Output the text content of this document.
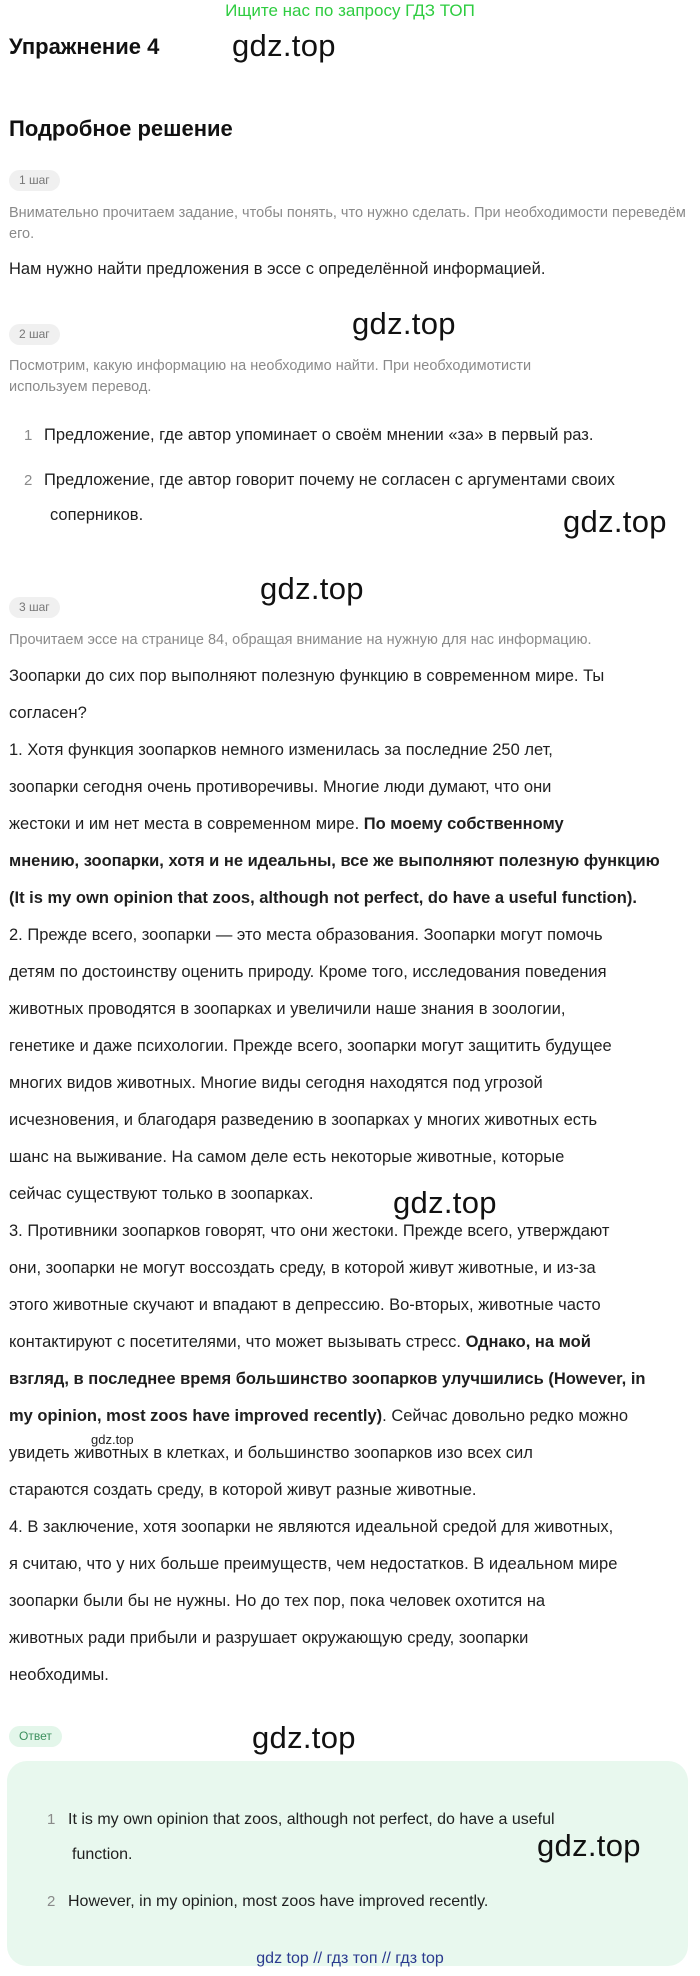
Ищите нас по запросу ГДЗ ТОП
Упражнение 4 gdz.top
Подробное решение
1 шаг
Внимательно прочитаем задание, чтобы понять, что нужно сделать. При необходимости переведём его.
Нам нужно найти предложения в эссе с определённой информацией.
gdz.top
2 шаг
Посмотрим, какую информацию на необходимо найти. При необходимотисти используем перевод.
1 Предложение, где автор упоминает о своём мнении «за» в первый раз.
2 Предложение, где автор говорит почему не согласен с аргументами своих
соперников.	gdz.top
gdz.top
3 шаг
Прочитаем эссе на странице 84, обращая внимание на нужную для нас информацию.
Зоопарки до сих пор выполняют полезную функцию в современном мире. Ты
согласен?
1. Хотя функция зоопарков немного изменилась за последние 250 лет,
зоопарки сегодня очень противоречивы. Многие люди думают, что они
жестоки и им нет места в современном мире. По моему собственному
мнению, зоопарки, хотя и не идеальны, все же выполняют полезную функцию
(It is my own opinion that zoos, although not perfect, do have a useful function).
2. Прежде всего, зоопарки — это места образования. Зоопарки могут помочь
детям по достоинству оценить природу. Кроме того, исследования поведения
животных проводятся в зоопарках и увеличили наше знания в зоологии,
генетике и даже психологии. Прежде всего, зоопарки могут защитить будущее
многих видов животных. Многие виды сегодня находятся под угрозой
исчезновения, и благодаря разведению в зоопарках у многих животных есть
шанс на выживание. На самом деле есть некоторые животные, которые
сейчас существуют только в зоопарках.
3. Противники зоопарков говорят, что они жестоки. Прежде всего, утверждают
они, зоопарки не могут воссоздать среду, в которой живут животные, и из-за
этого животные скучают и впадают в депрессию. Во-вторых, животные часто
контактируют с посетителями, что может вызывать стресс. Однако, на мой
взгляд, в последнее время большинство зоопарков улучшились (However, in
my opinion, most zoos have improved recently). Сейчас довольно редко можно
увидеть животных в клетках, и большинство зоопарков изо всех сил
стараются создать среду, в которой живут разные животные.
4. В заключение, хотя зоопарки не являются идеальной средой для животных,
я считаю, что у них больше преимуществ, чем недостатков. В идеальном мире
зоопарки были бы не нужны. Но до тех пор, пока человек охотится на
животных ради прибыли и разрушает окружающую среду, зоопарки
необходимы.
gdz.top
gdz.top
Ответ	gdz.top
1 It is my own opinion that zoos, although not perfect, do have a useful
function.	gdz.top
2 However, in my opinion, most zoos have improved recently.
gdz top // гдз топ // гдз top
